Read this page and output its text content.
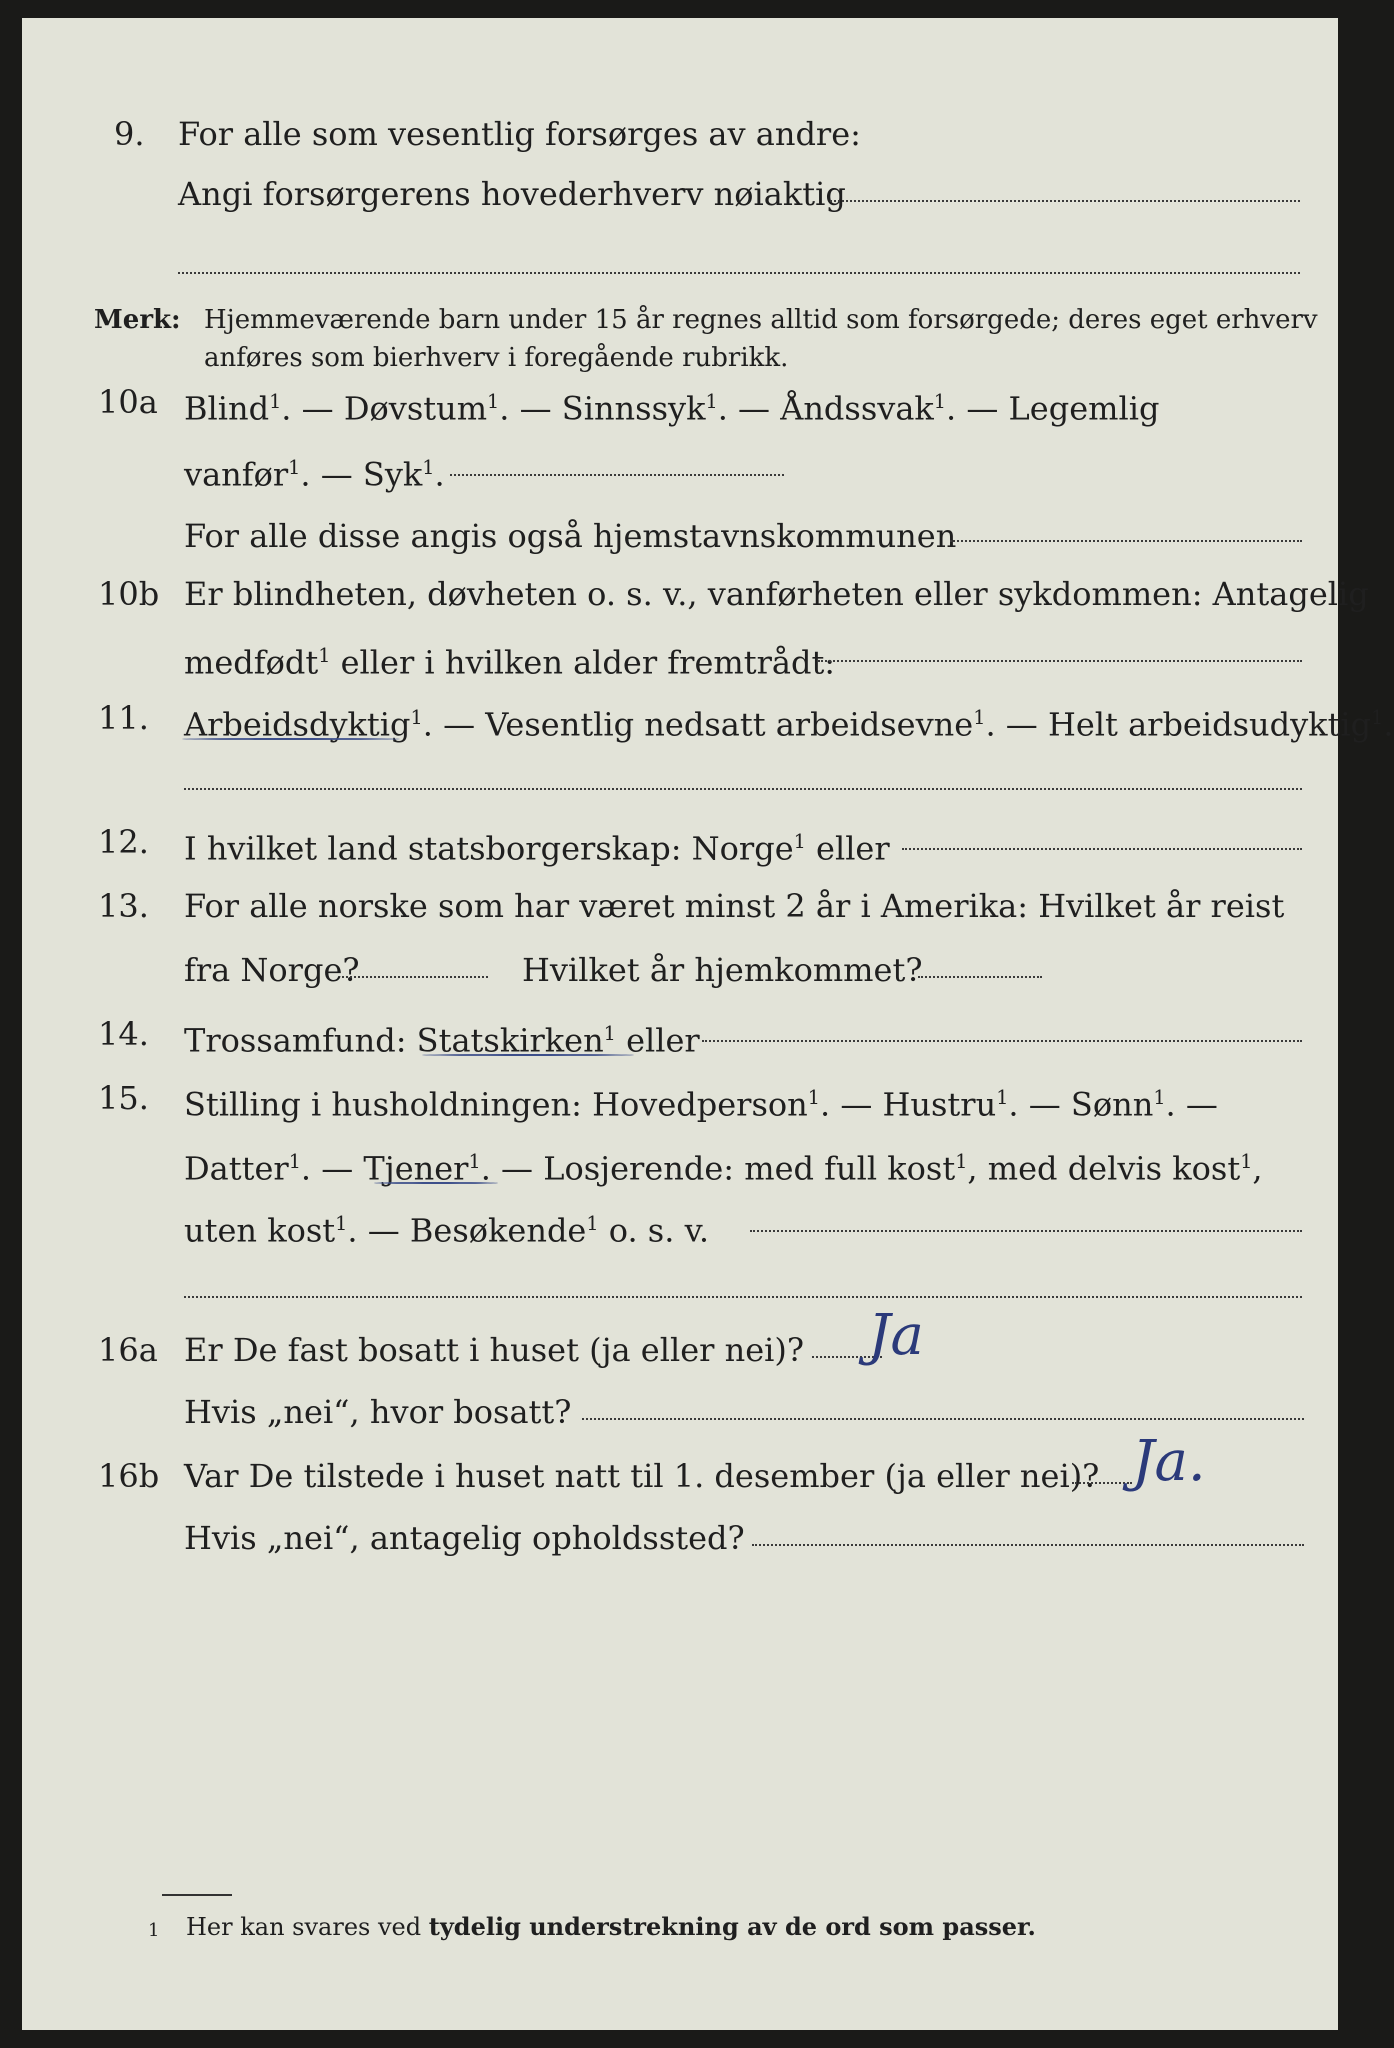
9. For alle som vesentlig forsørges av andre:
Angi forsørgerens hovederhverv nøiaktig
Merk: Hjemmeværende barn under 15 år regnes alltid som forsørgede; deres eget erhverv
anføres som bierhverv i foregående rubrikk.
10a Blind$^1$. — Døvstum$^1$. — Sinnssyk$^1$. — Åndssvak$^1$. — Legemlig
vanfør$^1$. — Syk$^1$.
For alle disse angis også hjemstavnskommunen
10b Er blindheten, døvheten o. s. v., vanførheten eller sykdommen: Antagelig
medfødt$^1$ eller i hvilken alder fremtrådt:
11. Arbeidsdyktig$^1$. — Vesentlig nedsatt arbeidsevne$^1$. — Helt arbeidsudyktig$^1$.
12. I hvilket land statsborgerskap: Norge$^1$ eller
13. For alle norske som har været minst 2 år i Amerika: Hvilket år reist
fra Norge?	Hvilket år hjemkommet?
14. Trossamfund: Statskirken$^1$ eller
15. Stilling i husholdningen: Hovedperson$^1$. — Hustru$^1$. — Sønn$^1$. —
Datter$^1$. — Tjener$^1$. — Losjerende: med full kost$^1$, med delvis kost$^1$,
uten kost$^1$. — Besøkende$^1$ o. s. v.
16a Er De fast bosatt i huset (ja eller nei)? Ja
Hvis „nei“, hvor bosatt?
16b Var De tilstede i huset natt til 1. desember (ja eller nei)? Ja.
Hvis „nei“, antagelig opholdssted?
1 Her kan svares ved tydelig understrekning av de ord som passer.
